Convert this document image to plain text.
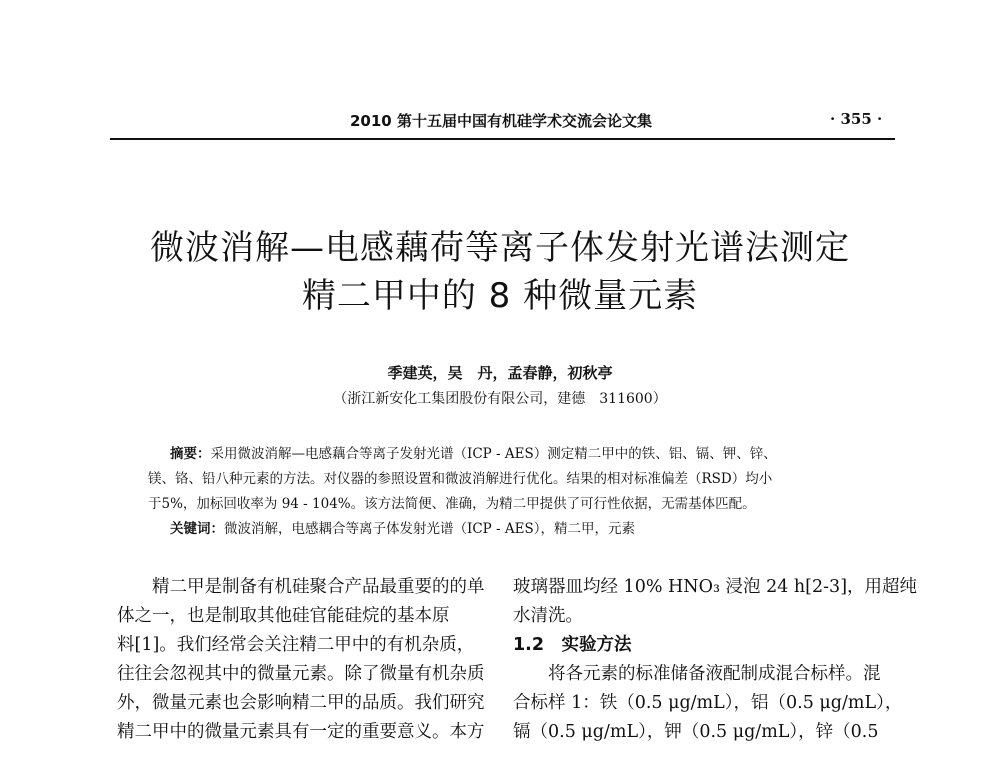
2010 第十五届中国有机硅学术交流会论文集	· 355 ·
微波消解—电感藕荷等离子体发射光谱法测定
精二甲中的 8 种微量元素
季建英，吴　丹，孟春静，初秋亭
（浙江新安化工集团股份有限公司，建德　311600）
摘要：采用微波消解—电感藕合等离子发射光谱（ICP - AES）测定精二甲中的铁、铝、镉、钾、锌、
镁、铬、铅八种元素的方法。对仪器的参照设置和微波消解进行优化。结果的相对标准偏差（RSD）均小
于5%，加标回收率为 94 - 104%。该方法简便、准确，为精二甲提供了可行性依据，无需基体匹配。
关键词：微波消解，电感耦合等离子体发射光谱（ICP - AES），精二甲，元素
　　精二甲是制备有机硅聚合产品最重要的的单
体之一，也是制取其他硅官能硅烷的基本原
料[1]。我们经常会关注精二甲中的有机杂质，
往往会忽视其中的微量元素。除了微量有机杂质
外，微量元素也会影响精二甲的品质。我们研究
精二甲中的微量元素具有一定的重要意义。本方
玻璃器皿均经 10% HNO₃ 浸泡 24 h[2-3]，用超纯
水清洗。
1.2　实验方法
　　将各元素的标准储备液配制成混合标样。混
合标样 1：铁（0.5 μg/mL），铝（0.5 μg/mL），
镉（0.5 μg/mL），钾（0.5 μg/mL），锌（0.5
